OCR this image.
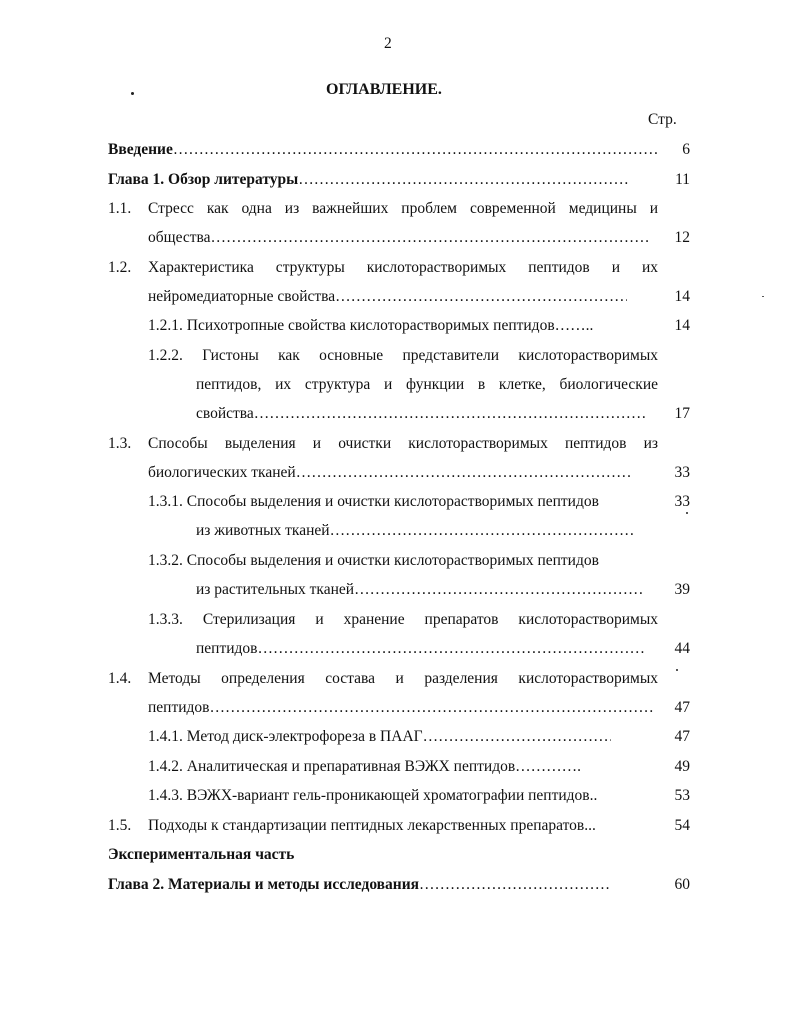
2
ОГЛАВЛЕНИЕ.
Стр.
Введение …………………………………………………………………………………………………………………………………………………………………	6
Глава 1. Обзор литературы …………………………………………………………………………………………………………………………………………………………………	11
1.1. Стресс как одна из важнейших проблем современной медицины и
общества …………………………………………………………………………………………………………………………………………………………………	12
1.2. Характеристика структуры кислоторастворимых пептидов и их
нейромедиаторные свойства …………………………………………………………………………………………………………………………………………………………………	14
1.2.1. Психотропные свойства кислоторастворимых пептидов……..	14
1.2.2. Гистоны как основные представители кислоторастворимых
пептидов, их структура и функции в клетке, биологические
свойства …………………………………………………………………………………………………………………………………………………………………	17
1.3. Способы выделения и очистки кислоторастворимых пептидов из
биологических тканей …………………………………………………………………………………………………………………………………………………………………	33
1.3.1. Способы выделения и очистки кислоторастворимых пептидов	33
из животных тканей…………………………………………………………………………………………………………………………………………………………………
1.3.2. Способы выделения и очистки кислоторастворимых пептидов
из растительных тканей …………………………………………………………………………………………………………………………………………………………………	39
1.3.3. Стерилизация и хранение препаратов кислоторастворимых
пептидов …………………………………………………………………………………………………………………………………………………………………	44
1.4. Методы определения состава и разделения кислоторастворимых
пептидов …………………………………………………………………………………………………………………………………………………………………	47
1.4.1. Метод диск-электрофореза в ПААГ …………………………………………………………………………………………………………………………………………………………………	47
1.4.2. Аналитическая и препаративная ВЭЖХ пептидов………….	49
1.4.3. ВЭЖХ-вариант гель-проникающей хроматографии пептидов..	53
1.5. Подходы к стандартизации пептидных лекарственных препаратов...	54
Экспериментальная часть
Глава 2. Материалы и методы исследования …………………………………………………………………………………………………………………………………………………………………	60
